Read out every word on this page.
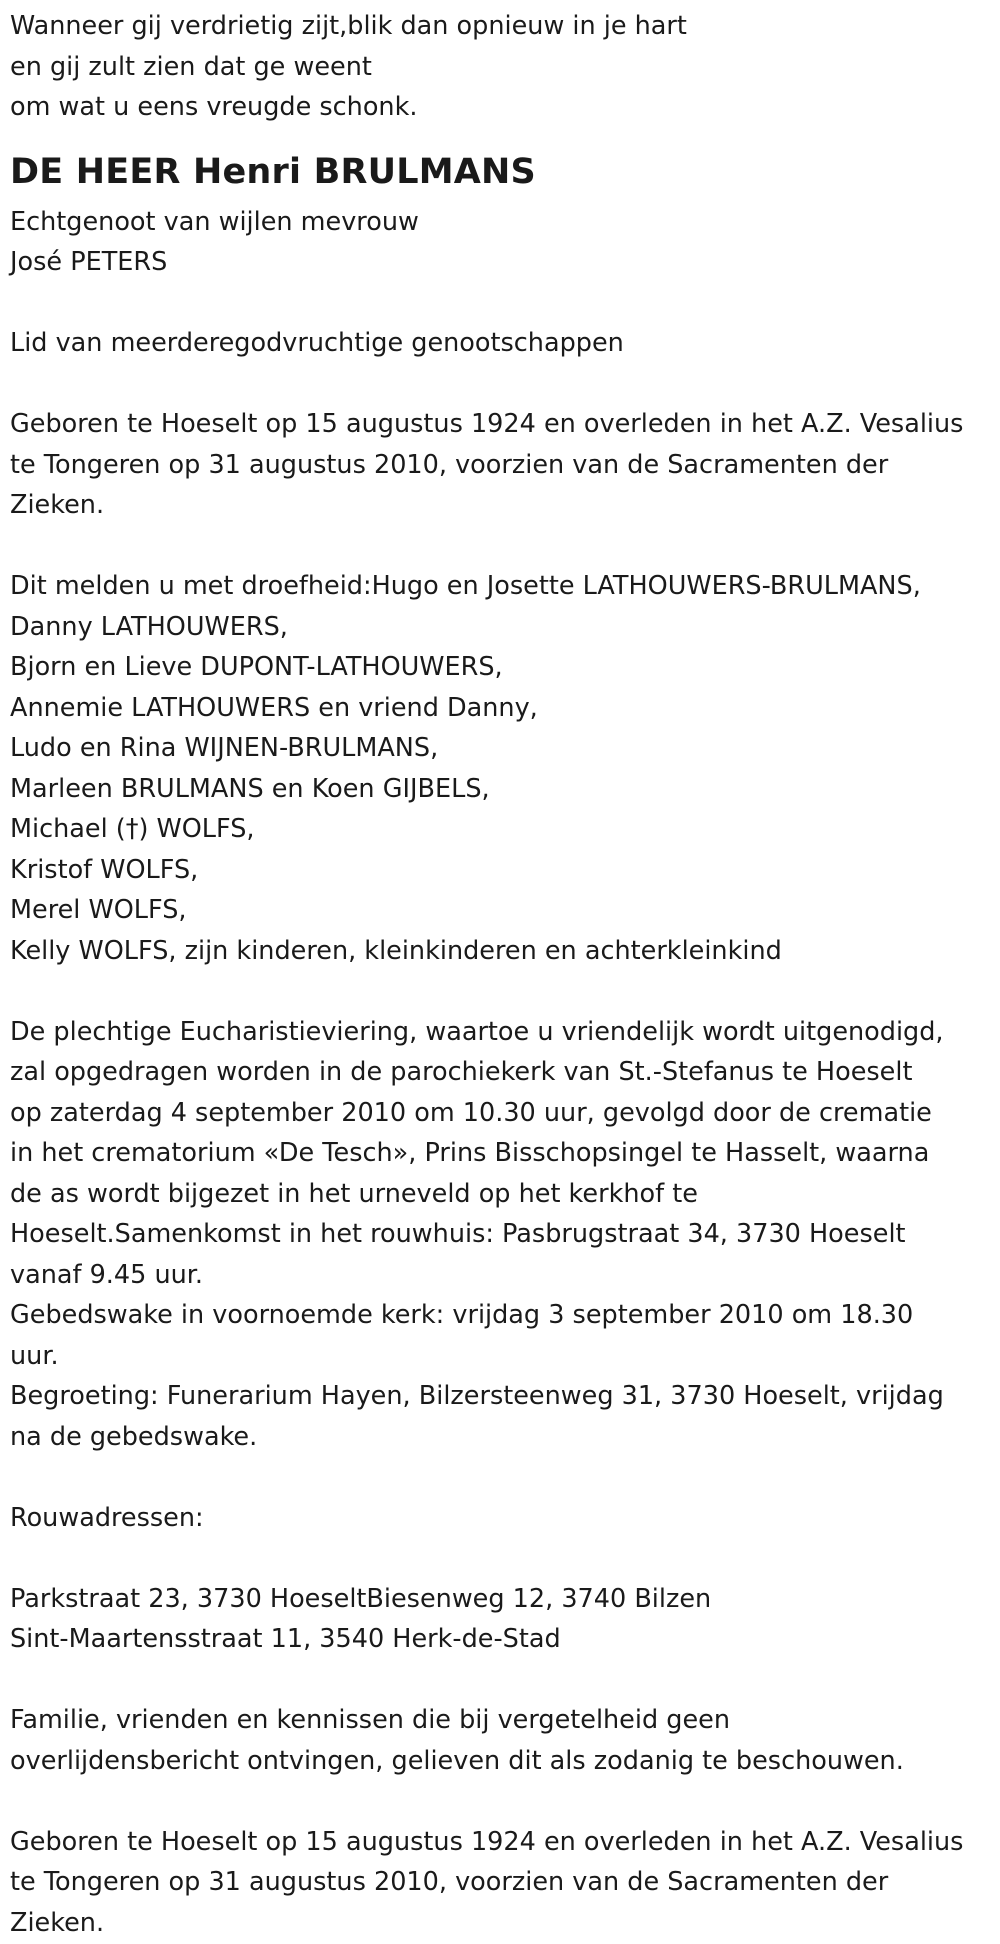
Wanneer gij verdrietig zijt,blik dan opnieuw in je hart
en gij zult zien dat ge weent
om wat u eens vreugde schonk.
DE HEER Henri BRULMANS
Echtgenoot van wijlen mevrouw
José PETERS
Lid van meerderegodvruchtige genootschappen
Geboren te Hoeselt op 15 augustus 1924 en overleden in het A.Z. Vesalius
te Tongeren op 31 augustus 2010, voorzien van de Sacramenten der
Zieken.
Dit melden u met droefheid:Hugo en Josette LATHOUWERS-BRULMANS,
Danny LATHOUWERS,
Bjorn en Lieve DUPONT-LATHOUWERS,
Annemie LATHOUWERS en vriend Danny,
Ludo en Rina WIJNEN-BRULMANS,
Marleen BRULMANS en Koen GIJBELS,
Michael (†) WOLFS,
Kristof WOLFS,
Merel WOLFS,
Kelly WOLFS, zijn kinderen, kleinkinderen en achterkleinkind
De plechtige Eucharistieviering, waartoe u vriendelijk wordt uitgenodigd,
zal opgedragen worden in de parochiekerk van St.-Stefanus te Hoeselt
op zaterdag 4 september 2010 om 10.30 uur, gevolgd door de crematie
in het crematorium «De Tesch», Prins Bisschopsingel te Hasselt, waarna
de as wordt bijgezet in het urneveld op het kerkhof te
Hoeselt.Samenkomst in het rouwhuis: Pasbrugstraat 34, 3730 Hoeselt
vanaf 9.45 uur.
Gebedswake in voornoemde kerk: vrijdag 3 september 2010 om 18.30
uur.
Begroeting: Funerarium Hayen, Bilzersteenweg 31, 3730 Hoeselt, vrijdag
na de gebedswake.
Rouwadressen:
Parkstraat 23, 3730 HoeseltBiesenweg 12, 3740 Bilzen
Sint-Maartensstraat 11, 3540 Herk-de-Stad
Familie, vrienden en kennissen die bij vergetelheid geen
overlijdensbericht ontvingen, gelieven dit als zodanig te beschouwen.
Geboren te Hoeselt op 15 augustus 1924 en overleden in het A.Z. Vesalius
te Tongeren op 31 augustus 2010, voorzien van de Sacramenten der
Zieken.
